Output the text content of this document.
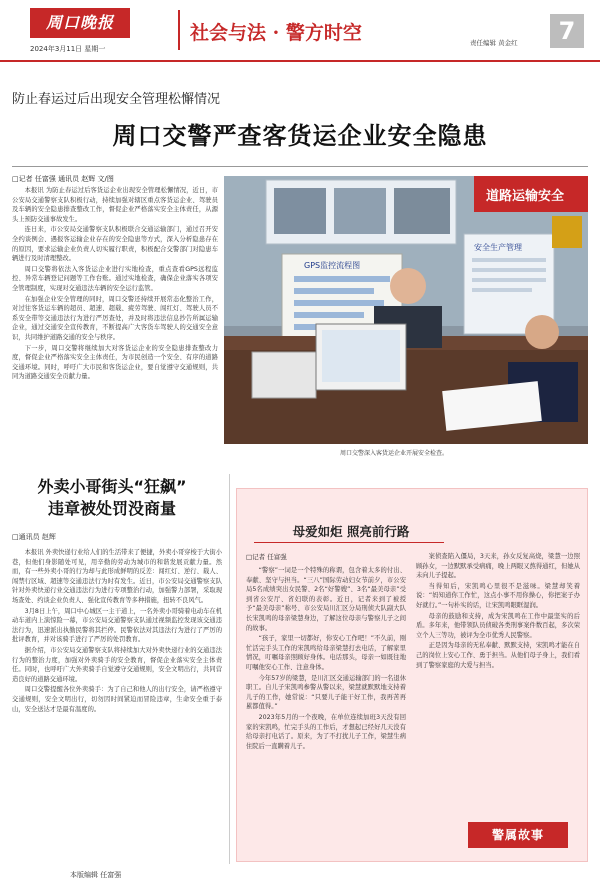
周口晚报
2024年3月11日 星期一
社会与法 · 警方时空	责任编辑 黄金红	7
防止春运过后出现安全管理松懈情况
周口交警严查客货运企业安全隐患
□记者 任富强 通讯员 赵辉 文/图

本报讯 为防止春运过后客货运企业出现安全管理松懈情况，近日，市公安局交通警察支队积极行动，持续加强对辖区重点客货运企业、驾驶员及车辆的安全隐患排查整改工作，督促企业严格落实安全主体责任，从源头上预防交通事故发生。

连日来，市公安局交通警察支队积极联合交通运输部门，通过召开安全约谈例会、遇报客运输企业存在的安全隐患等方式，深入分析隐患存在的原因，要求运输企业负责人切实履行职责，积极配合交警部门对隐患车辆进行及时清理整改。

周口交警将依法入客货运企业进行实地检查，重点查看GPS远程监控、异常车辆登记问题等工作台账。通过实地检查，确保企业落实各项安全管理制度，实现对交通违法车辆的安全运行监管。

在加强企业安全管理的同时，周口交警还持续开展常态化整治工作，对过往客货运车辆的超员、超速、超载、疲劳驾驶、闯红灯、驾驶人员不系安全带等交通违法行为进行严厉查处，并及时将违法信息抄告所属运输企业，通过交通安全宣传教育，不断提高广大客货车驾驶人的交通安全意识，共同维护道路交通的安全与秩序。

下一步，周口交警将继续加大对客货运企业的安全隐患排查整改力度，督促企业严格落实安全主体责任，为市民创造一个安全、有序的道路交通环境。同时，呼吁广大市民和客货运企业，要自觉遵守交通规则，共同为道路交通安全贡献力量。

道路运输安全
GPS监控流程图
安全生产管理
周口交警深入客货运企业开展安全检查。
外卖小哥街头“狂飙”
违章被处罚没商量
□通讯员 赵辉

本报讯 外卖快递行业给人们的生活带来了便捷，外卖小哥穿梭于大街小巷，但他们身影随处可见，用辛勤的劳动为城市的和谐发展贡献力量。然而，有一些外卖小哥的行为却与此形成鲜明的反差：闯红灯、逆行、载人、闯禁行区域、超速等交通违法行为时有发生。近日，市公安局交通警察支队针对外卖快递行业交通违法行为进行专项整治行动，加强警力部署，采取现场查处、约谈企业负责人、强化宣传教育等多种措施，扭转不良风气。

3月8日上午，周口中心城区一主干道上，一名外卖小哥骑着电动车在机动车道内上演惊险一幕，市公安局交通警察支队通过视频监控发现该交通违法行为，迅速派出执勤民警将其拦停。民警依法对其违法行为进行了严厉的批评教育，并对该骑手进行了严厉的处罚教育。

据介绍，市公安局交通警察支队将持续加大对外卖快递行业的交通违法行为的整治力度，加强对外卖骑手的安全教育，督促企业落实安全主体责任。同时，也呼吁广大外卖骑手自觉遵守交通规则，安全文明出行，共同营造良好的道路交通环境。

周口交警提醒各位外卖骑手：为了自己和他人的出行安全，请严格遵守交通规则，安全文明出行，切勿因时间紧迫而冒险违章，生命安全重于泰山，安全送达才是最有温度的。

母爱如炬 照亮前行路
□记者 任富强

“警察”一词是一个特殊的称谓，包含着太多的付出、奉献、坚守与担当。“三八”国际劳动妇女节前夕，市公安局5名成绩突出女民警、2名“好警嫂”、3名“最美母亲”受到省公安厅、省妇联的表彰。近日，记者来到了被授予“最美母亲”称号、市公安局川汇区分局刑侦大队副大队长宋凯鸣的母亲梁慧身边，了解这位母亲与警察儿子之间的故事。

“孩子，家里一切都好，你安心工作吧！”不久前，刚忙活完手头工作的宋凯鸣给母亲梁慧打去电话，了解家里情况，叮嘱母亲照顾好身体。电话那头，母亲一如既往地叮嘱他安心工作、注意身体。

今年57岁的梁慧，是川汇区交通运输部门的一名退休职工。自儿子宋凯鸣参警从警以来，梁慧就默默地支持着儿子的工作，她常说：“只要儿子能干好工作，我再苦再累都值得。”

2023年5月的一个夜晚，在单位连续加班3天没有回家的宋凯鸣，忙完手头的工作后，才想起已经好几天没有给母亲打电话了。原来，为了不打扰儿子工作，梁慧生病住院后一直瞒着儿子。

案侦查陷入僵局，3天来，孙女反复高烧，梁慧一边照顾孙女，一边默默承受病痛，晚上两眼又熬得通红，但她从未向儿子提起。

当得知后，宋凯鸣心里很不是滋味。梁慧却笑着说：“妈知道你工作忙，这点小事不用你操心，你把案子办好就行。”一句朴实的话，让宋凯鸣眼眶湿润。

母亲的鼓励和支持，成为宋凯鸣在工作中最坚实的后盾。多年来，他带领队员侦破各类刑事案件数百起，多次荣立个人三等功，被评为全市优秀人民警察。

正是因为母亲的无私奉献、默默支持，宋凯鸣才能在自己的岗位上安心工作、勇于担当。从他们母子身上，我们看到了警察家庭的大爱与担当。

警属故事
本版编辑 任富强
